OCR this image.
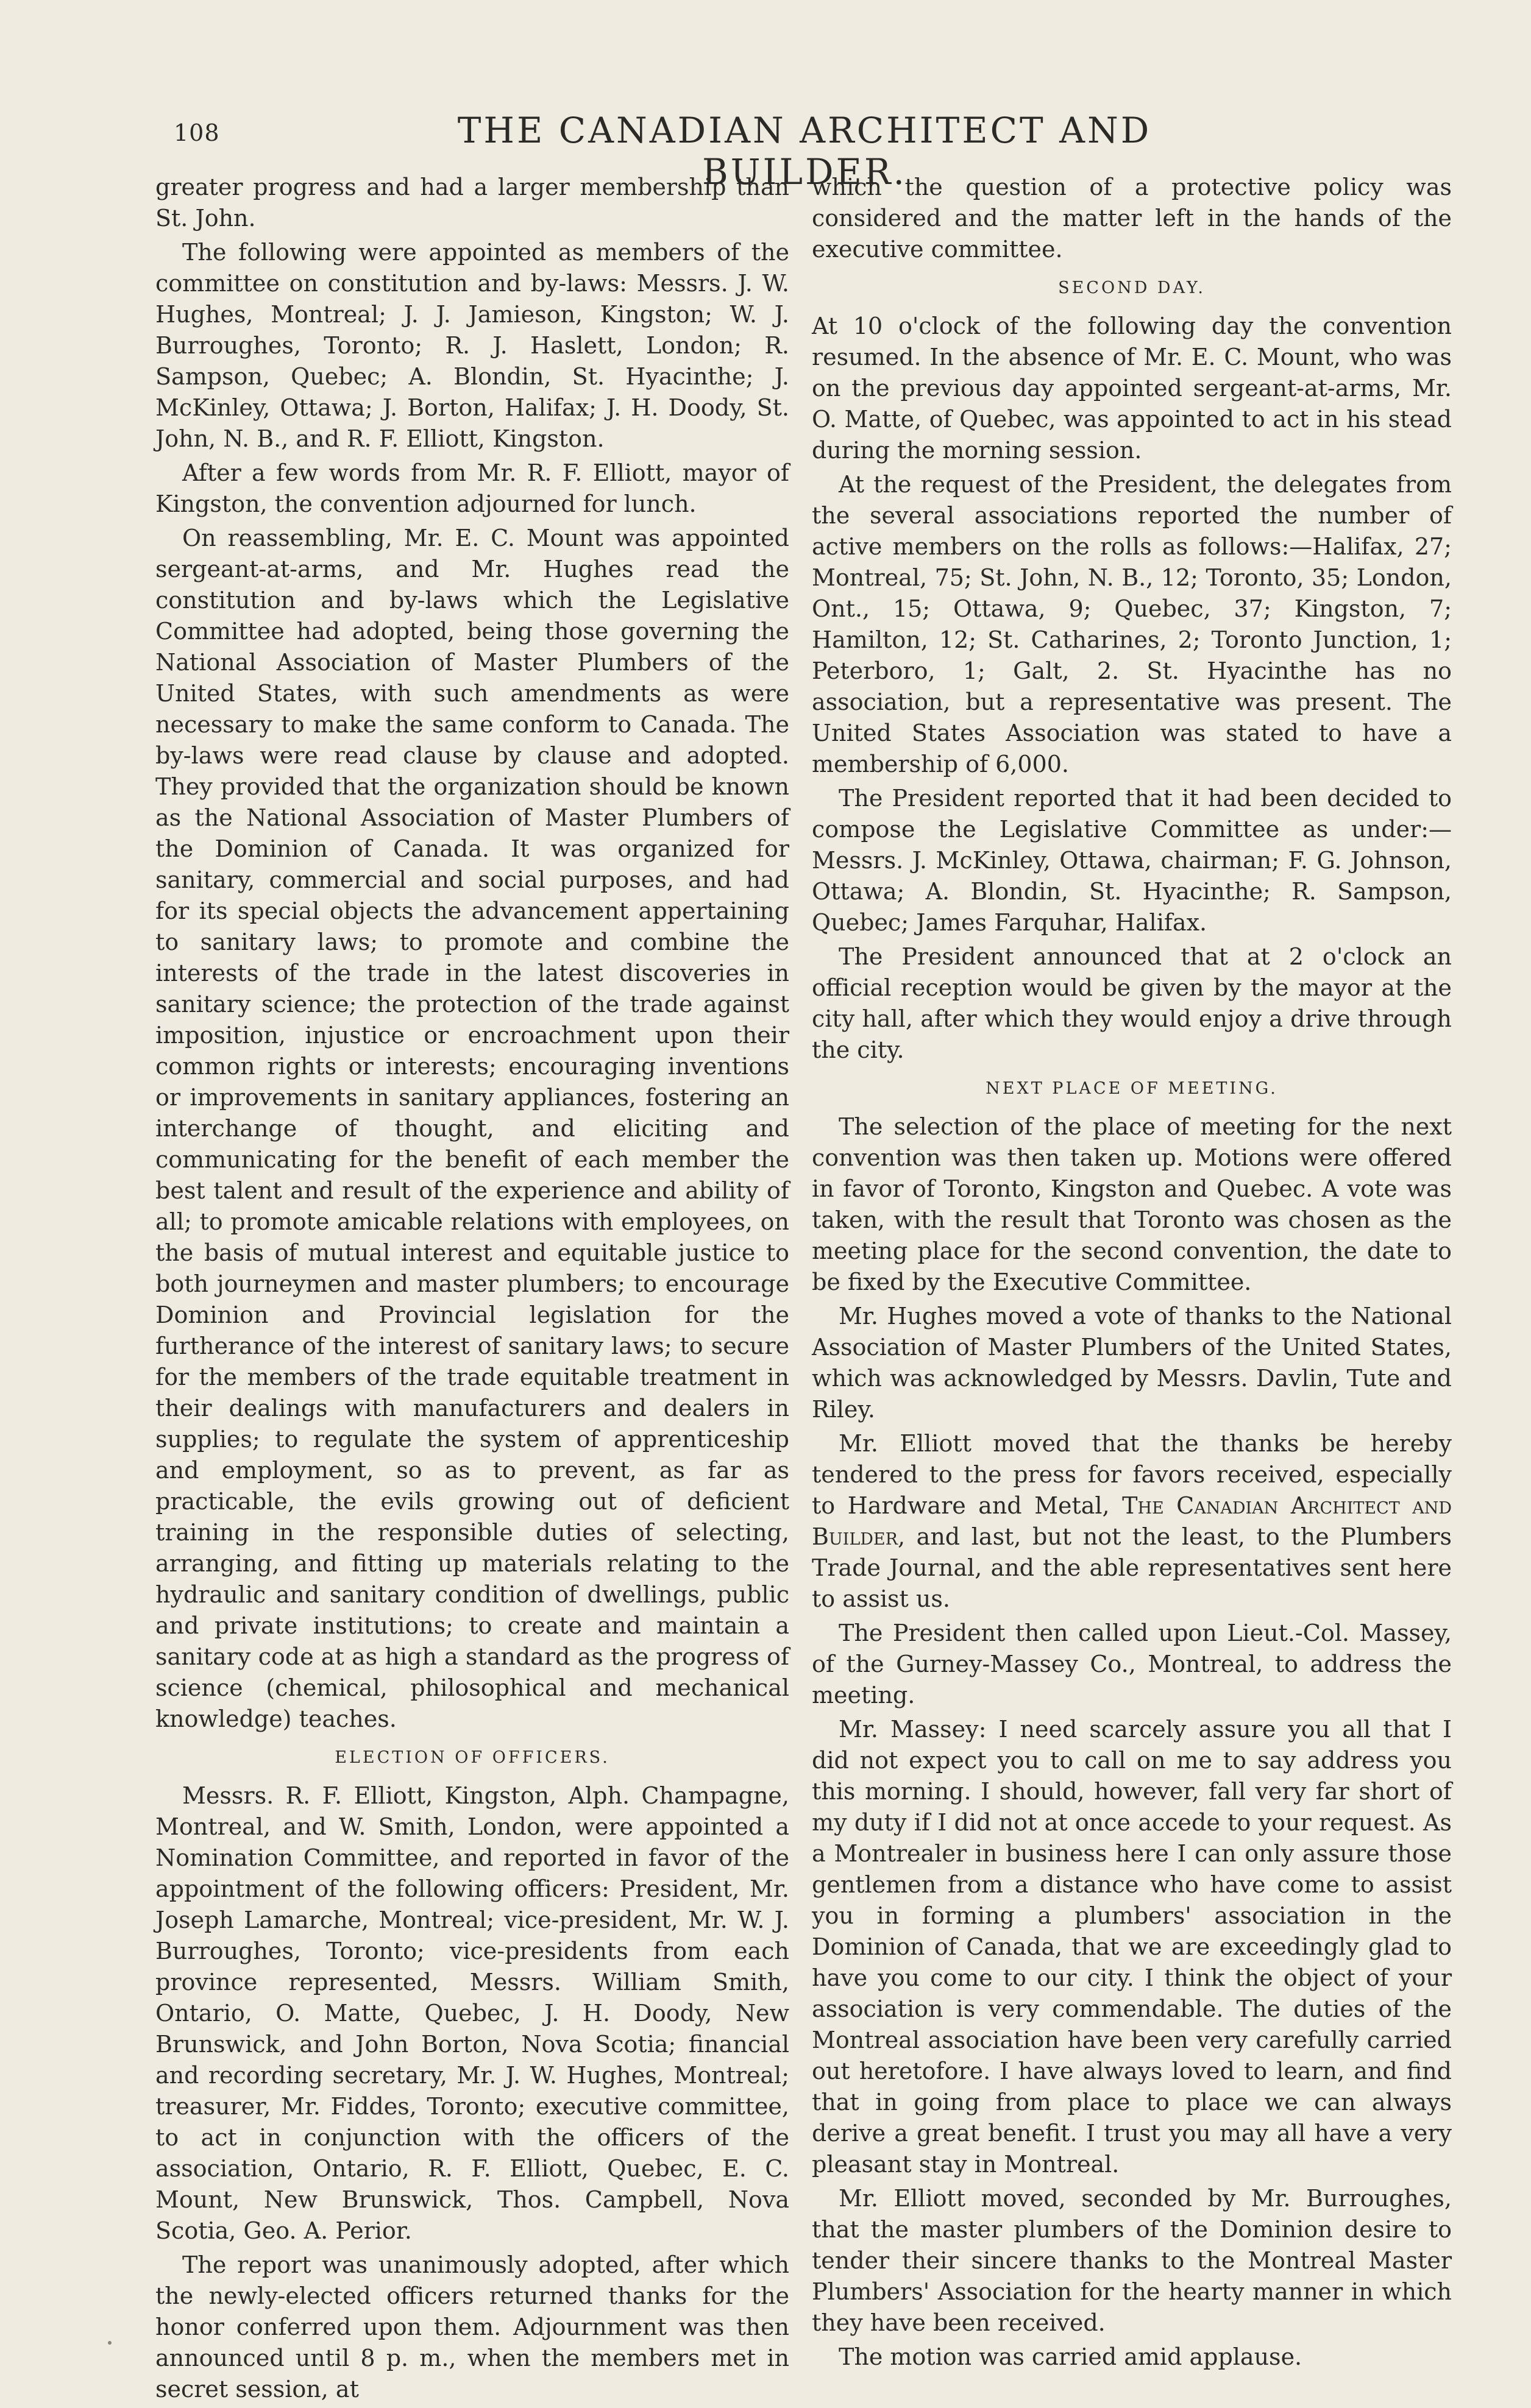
108	THE CANADIAN ARCHITECT AND BUILDER.

greater progress and had a larger membership than St. John.

The following were appointed as members of the committee on constitution and by-laws: Messrs. J. W. Hughes, Montreal; J. J. Jamieson, Kingston; W. J. Burroughes, Toronto; R. J. Haslett, London; R. Sampson, Quebec; A. Blondin, St. Hyacinthe; J. McKinley, Ottawa; J. Borton, Halifax; J. H. Doody, St. John, N. B., and R. F. Elliott, Kingston.

After a few words from Mr. R. F. Elliott, mayor of Kingston, the convention adjourned for lunch.

On reassembling, Mr. E. C. Mount was appointed sergeant-at-arms, and Mr. Hughes read the constitution and by-laws which the Legislative Committee had adopted, being those governing the National Association of Master Plumbers of the United States, with such amendments as were necessary to make the same conform to Canada. The by-laws were read clause by clause and adopted. They provided that the organization should be known as the National Association of Master Plumbers of the Dominion of Canada. It was organized for sanitary, commercial and social purposes, and had for its special objects the advancement appertaining to sanitary laws; to promote and combine the interests of the trade in the latest discoveries in sanitary science; the protection of the trade against imposition, injustice or encroachment upon their common rights or interests; encouraging inventions or improvements in sanitary appliances, fostering an interchange of thought, and eliciting and communicating for the benefit of each member the best talent and result of the experience and ability of all; to promote amicable relations with employees, on the basis of mutual interest and equitable justice to both journeymen and master plumbers; to encourage Dominion and Provincial legislation for the furtherance of the interest of sanitary laws; to secure for the members of the trade equitable treatment in their dealings with manufacturers and dealers in supplies; to regulate the system of apprenticeship and employment, so as to prevent, as far as practicable, the evils growing out of deficient training in the responsible duties of selecting, arranging, and fitting up materials relating to the hydraulic and sanitary condition of dwellings, public and private institutions; to create and maintain a sanitary code at as high a standard as the progress of science (chemical, philosophical and mechanical knowledge) teaches.

ELECTION OF OFFICERS.

Messrs. R. F. Elliott, Kingston, Alph. Champagne, Montreal, and W. Smith, London, were appointed a Nomination Committee, and reported in favor of the appointment of the following officers: President, Mr. Joseph Lamarche, Montreal; vice-president, Mr. W. J. Burroughes, Toronto; vice-presidents from each province represented, Messrs. William Smith, Ontario, O. Matte, Quebec, J. H. Doody, New Brunswick, and John Borton, Nova Scotia; financial and recording secretary, Mr. J. W. Hughes, Montreal; treasurer, Mr. Fiddes, Toronto; executive committee, to act in conjunction with the officers of the association, Ontario, R. F. Elliott, Quebec, E. C. Mount, New Brunswick, Thos. Campbell, Nova Scotia, Geo. A. Perior.

The report was unanimously adopted, after which the newly-elected officers returned thanks for the honor conferred upon them. Adjournment was then announced until 8 p. m., when the members met in secret session, at

which the question of a protective policy was considered and the matter left in the hands of the executive committee.

SECOND DAY.

At 10 o'clock of the following day the convention resumed. In the absence of Mr. E. C. Mount, who was on the previous day appointed sergeant-at-arms, Mr. O. Matte, of Quebec, was appointed to act in his stead during the morning session.

At the request of the President, the delegates from the several associations reported the number of active members on the rolls as follows:—Halifax, 27; Montreal, 75; St. John, N. B., 12; Toronto, 35; London, Ont., 15; Ottawa, 9; Quebec, 37; Kingston, 7; Hamilton, 12; St. Catharines, 2; Toronto Junction, 1; Peterboro, 1; Galt, 2. St. Hyacinthe has no association, but a representative was present. The United States Association was stated to have a membership of 6,000.

The President reported that it had been decided to compose the Legislative Committee as under:—Messrs. J. McKinley, Ottawa, chairman; F. G. Johnson, Ottawa; A. Blondin, St. Hyacinthe; R. Sampson, Quebec; James Farquhar, Halifax.

The President announced that at 2 o'clock an official reception would be given by the mayor at the city hall, after which they would enjoy a drive through the city.

NEXT PLACE OF MEETING.

The selection of the place of meeting for the next convention was then taken up. Motions were offered in favor of Toronto, Kingston and Quebec. A vote was taken, with the result that Toronto was chosen as the meeting place for the second convention, the date to be fixed by the Executive Committee.

Mr. Hughes moved a vote of thanks to the National Association of Master Plumbers of the United States, which was acknowledged by Messrs. Davlin, Tute and Riley.

Mr. Elliott moved that the thanks be hereby tendered to the press for favors received, especially to Hardware and Metal, The Canadian Architect and Builder, and last, but not the least, to the Plumbers Trade Journal, and the able representatives sent here to assist us.

The President then called upon Lieut.-Col. Massey, of the Gurney-Massey Co., Montreal, to address the meeting.

Mr. Massey: I need scarcely assure you all that I did not expect you to call on me to say address you this morning. I should, however, fall very far short of my duty if I did not at once accede to your request. As a Montrealer in business here I can only assure those gentlemen from a distance who have come to assist you in forming a plumbers' association in the Dominion of Canada, that we are exceedingly glad to have you come to our city. I think the object of your association is very commendable. The duties of the Montreal association have been very carefully carried out heretofore. I have always loved to learn, and find that in going from place to place we can always derive a great benefit. I trust you may all have a very pleasant stay in Montreal.

Mr. Elliott moved, seconded by Mr. Burroughes, that the master plumbers of the Dominion desire to tender their sincere thanks to the Montreal Master Plumbers' Association for the hearty manner in which they have been received.

The motion was carried amid applause.
